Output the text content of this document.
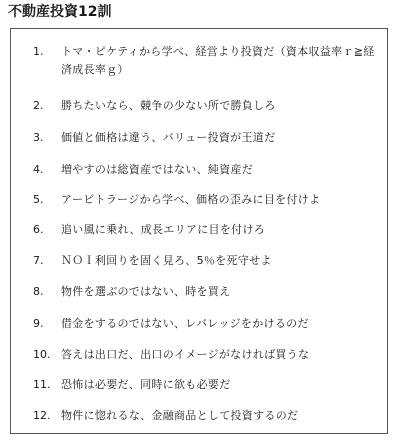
不動産投資12訓
1.	トマ・ピケティから学べ、経営より投資だ（資本収益率ｒ≧経済成長率ｇ）
2.	勝ちたいなら、競争の少ない所で勝負しろ
3.	価値と価格は違う、バリュー投資が王道だ
4.	増やすのは総資産ではない、純資産だ
5.	アービトラージから学べ、価格の歪みに目を付けよ
6.	追い風に乗れ、成長エリアに目を付けろ
7.	ＮＯＩ利回りを固く見ろ、5％を死守せよ
8.	物件を選ぶのではない、時を買え
9.	借金をするのではない、レバレッジをかけるのだ
10. 答えは出口だ、出口のイメージがなければ買うな
11. 恐怖は必要だ、同時に欲も必要だ
12. 物件に惚れるな、金融商品として投資するのだ
